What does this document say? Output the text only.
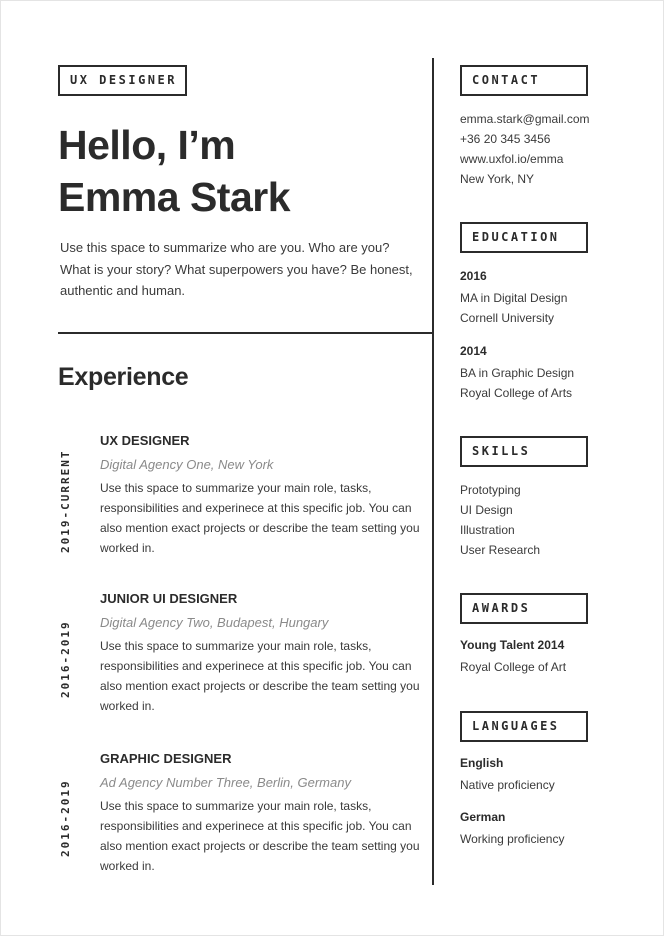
UX DESIGNER
Hello, I’m
Emma Stark
Use this space to summarize who are you. Who are you? What is your story? What superpowers you have? Be honest, authentic and human.
Experience
2019-CURRENT
UX DESIGNER
Digital Agency One, New York
Use this space to summarize your main role, tasks, responsibilities and experinece at this specific job. You can also mention exact projects or describe the team setting you worked in.
2016-2019
JUNIOR UI DESIGNER
Digital Agency Two, Budapest, Hungary
Use this space to summarize your main role, tasks, responsibilities and experinece at this specific job. You can also mention exact projects or describe the team setting you worked in.
2016-2019
GRAPHIC DESIGNER
Ad Agency Number Three, Berlin, Germany
Use this space to summarize your main role, tasks, responsibilities and experinece at this specific job. You can also mention exact projects or describe the team setting you worked in.
CONTACT
emma.stark@gmail.com
+36 20 345 3456
www.uxfol.io/emma
New York, NY
EDUCATION
2016
MA in Digital Design
Cornell University
2014
BA in Graphic Design
Royal College of Arts
SKILLS
Prototyping
UI Design
Illustration
User Research
AWARDS
Young Talent 2014
Royal College of Art
LANGUAGES
English
Native proficiency
German
Working proficiency
